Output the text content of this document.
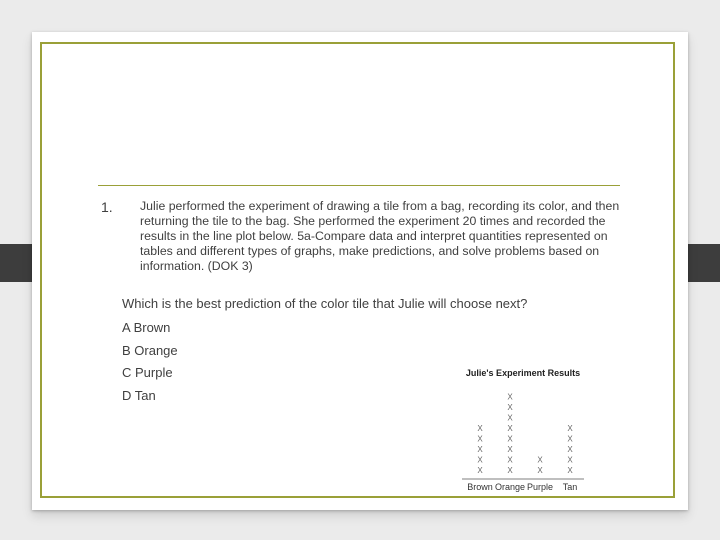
1. Julie performed the experiment of drawing a tile from a bag, recording its color, and then returning the tile to the bag. She performed the experiment 20 times and recorded the results in the line plot below. 5a-Compare data and interpret quantities represented on tables and different types of graphs, make predictions, and solve problems based on information. (DOK 3)
Which is the best prediction of the color tile that Julie will choose next?
A Brown
B Orange
C Purple
D Tan
Julie's Experiment Results
X
X
X
X
X
Brown
X
X
X
X
X
X
X
X
Orange
X
X
Purple
X
X
X
X
X
Tan
